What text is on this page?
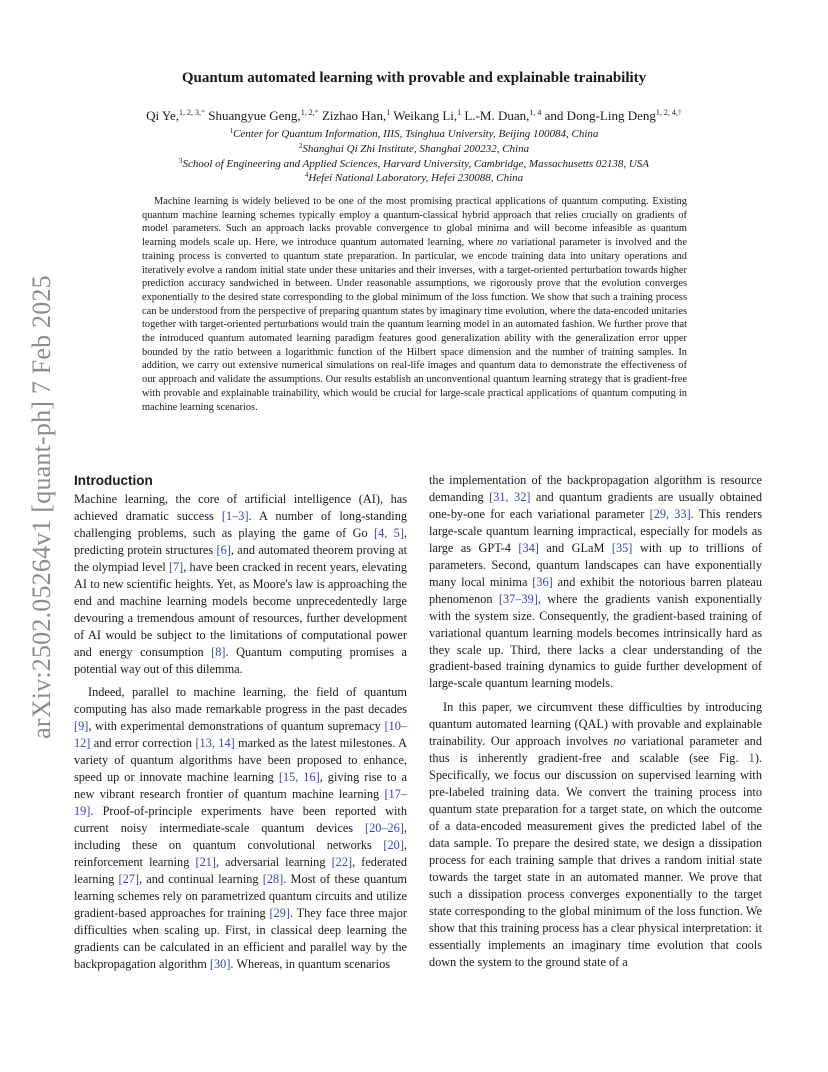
arXiv:2502.05264v1 [quant-ph] 7 Feb 2025
Quantum automated learning with provable and explainable trainability
Qi Ye,$^{1, 2, 3,*}$ Shuangyue Geng,$^{1, 2,*}$ Zizhao Han,$^1$ Weikang Li,$^1$ L.-M. Duan,$^{1, 4}$ and Dong-Ling Deng$^{1, 2, 4,\dagger}$
$^1$Center for Quantum Information, IIIS, Tsinghua University, Beijing 100084, China
$^2$Shanghai Qi Zhi Institute, Shanghai 200232, China
$^3$School of Engineering and Applied Sciences, Harvard University, Cambridge, Massachusetts 02138, USA
$^4$Hefei National Laboratory, Hefei 230088, China

Machine learning is widely believed to be one of the most promising practical applications of quantum computing. Existing quantum machine learning schemes typically employ a quantum-classical hybrid approach that relies crucially on gradients of model parameters. Such an approach lacks provable convergence to global minima and will become infeasible as quantum learning models scale up. Here, we introduce quantum automated learning, where no variational parameter is involved and the training process is converted to quantum state preparation. In particular, we encode training data into unitary operations and iteratively evolve a random initial state under these unitaries and their inverses, with a target-oriented perturbation towards higher prediction accuracy sandwiched in between. Under reasonable assumptions, we rigorously prove that the evolution converges exponentially to the desired state corresponding to the global minimum of the loss function. We show that such a training process can be understood from the perspective of preparing quantum states by imaginary time evolution, where the data-encoded unitaries together with target-oriented perturbations would train the quantum learning model in an automated fashion. We further prove that the introduced quantum automated learning paradigm features good generalization ability with the generalization error upper bounded by the ratio between a logarithmic function of the Hilbert space dimension and the number of training samples. In addition, we carry out extensive numerical simulations on real-life images and quantum data to demonstrate the effectiveness of our approach and validate the assumptions. Our results establish an unconventional quantum learning strategy that is gradient-free with provable and explainable trainability, which would be crucial for large-scale practical applications of quantum computing in machine learning scenarios.

Introduction

Machine learning, the core of artificial intelligence (AI), has achieved dramatic success [1–3]. A number of long-standing challenging problems, such as playing the game of Go [4, 5], predicting protein structures [6], and automated theorem proving at the olympiad level [7], have been cracked in recent years, elevating AI to new scientific heights. Yet, as Moore's law is approaching the end and machine learning models become unprecedentedly large devouring a tremendous amount of resources, further development of AI would be subject to the limitations of computational power and energy consumption [8]. Quantum computing promises a potential way out of this dilemma.

Indeed, parallel to machine learning, the field of quantum computing has also made remarkable progress in the past decades [9], with experimental demonstrations of quantum supremacy [10–12] and error correction [13, 14] marked as the latest milestones. A variety of quantum algorithms have been proposed to enhance, speed up or innovate machine learning [15, 16], giving rise to a new vibrant research frontier of quantum machine learning [17–19]. Proof-of-principle experiments have been reported with current noisy intermediate-scale quantum devices [20–26], including these on quantum convolutional networks [20], reinforcement learning [21], adversarial learning [22], federated learning [27], and continual learning [28]. Most of these quantum learning schemes rely on parametrized quantum circuits and utilize gradient-based approaches for training [29]. They face three major difficulties when scaling up. First, in classical deep learning the gradients can be calculated in an efficient and parallel way by the backpropagation algorithm [30]. Whereas, in quantum scenarios

the implementation of the backpropagation algorithm is resource demanding [31, 32] and quantum gradients are usually obtained one-by-one for each variational parameter [29, 33]. This renders large-scale quantum learning impractical, especially for models as large as GPT-4 [34] and GLaM [35] with up to trillions of parameters. Second, quantum landscapes can have exponentially many local minima [36] and exhibit the notorious barren plateau phenomenon [37–39], where the gradients vanish exponentially with the system size. Consequently, the gradient-based training of variational quantum learning models becomes intrinsically hard as they scale up. Third, there lacks a clear understanding of the gradient-based training dynamics to guide further development of large-scale quantum learning models.

In this paper, we circumvent these difficulties by introducing quantum automated learning (QAL) with provable and explainable trainability. Our approach involves no variational parameter and thus is inherently gradient-free and scalable (see Fig. 1). Specifically, we focus our discussion on supervised learning with pre-labeled training data. We convert the training process into quantum state preparation for a target state, on which the outcome of a data-encoded measurement gives the predicted label of the data sample. To prepare the desired state, we design a dissipation process for each training sample that drives a random initial state towards the target state in an automated manner. We prove that such a dissipation process converges exponentially to the target state corresponding to the global minimum of the loss function. We show that this training process has a clear physical interpretation: it essentially implements an imaginary time evolution that cools down the system to the ground state of a
